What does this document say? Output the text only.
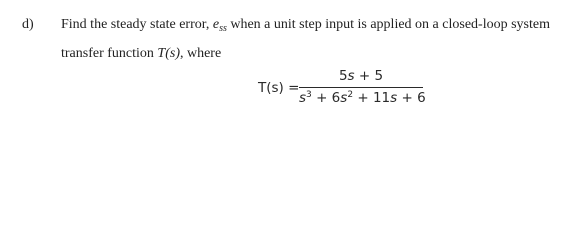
d) Find the steady state error, $e_{ss}$ when a unit step input is applied on a closed-loop system
transfer function T(s), where
T(s) =
5s + 5
$s^3 + 6s^2 + 11s + 6$
